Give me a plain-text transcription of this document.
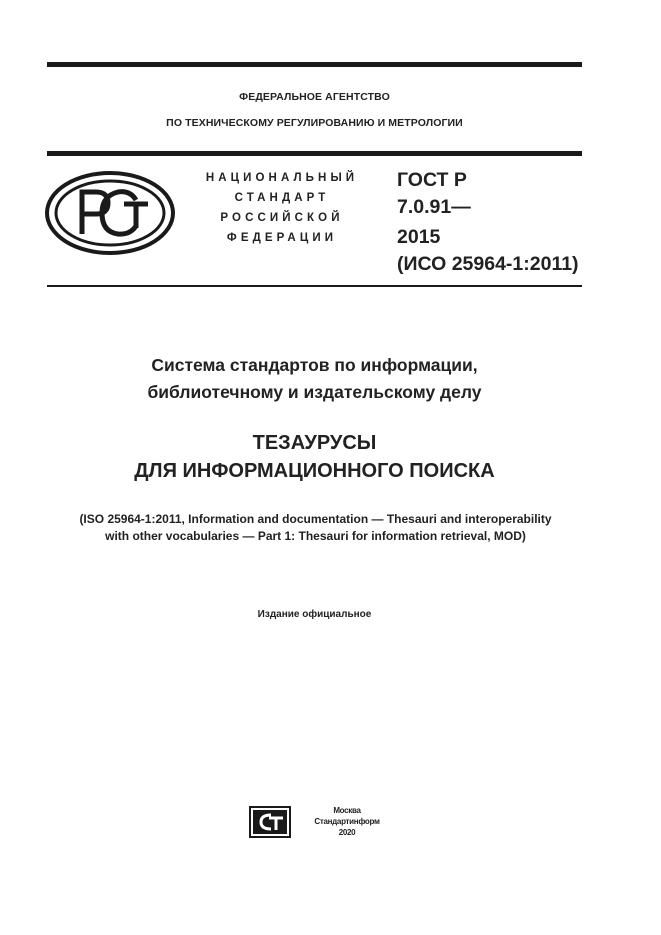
ФЕДЕРАЛЬНОЕ АГЕНТСТВО
ПО ТЕХНИЧЕСКОМУ РЕГУЛИРОВАНИЮ И МЕТРОЛОГИИ
НАЦИОНАЛЬНЫЙ
СТАНДАРТ
РОССИЙСКОЙ
ФЕДЕРАЦИИ
ГОСТ Р
7.0.91—
2015
(ИСО 25964-1:2011)
Система стандартов по информации,
библиотечному и издательскому делу
ТЕЗАУРУСЫ
ДЛЯ ИНФОРМАЦИОННОГО ПОИСКА
(ISO 25964-1:2011, Information and documentation — Thesauri and interoperability
with other vocabularies — Part 1: Thesauri for information retrieval, MOD)
Издание официальное
Москва
Стандартинформ
2020
